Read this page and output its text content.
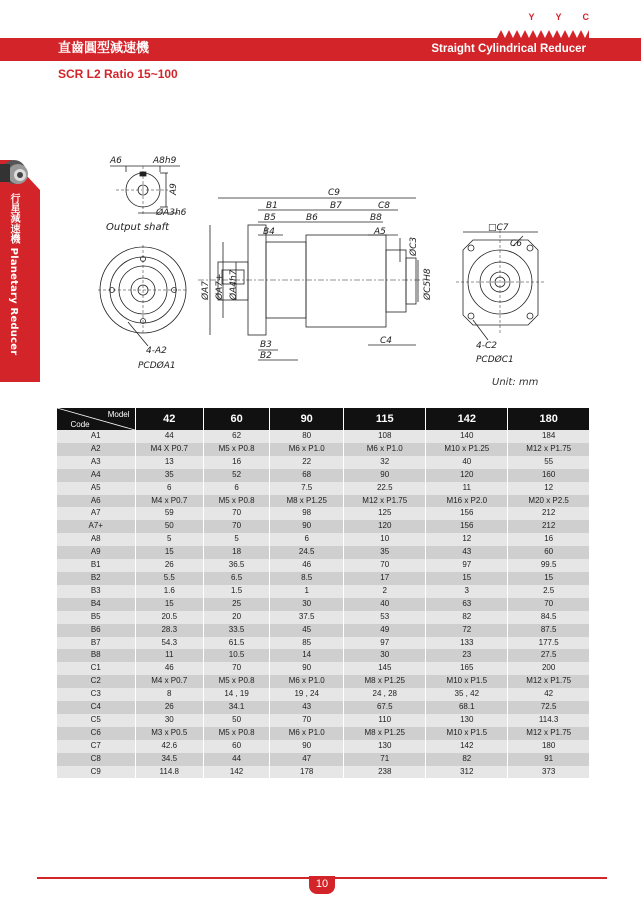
Y Y C
直齒圓型減速機	Straight Cylindrical Reducer
SCR L2 Ratio 15~100
行星減速機 Planetary Reducer
A6	A8h9
A9
ØA3h6
Output shaft
4-A2
PCDØA1
C9
B1	B7	C8
B5	B6	B8
B4	A5
ØC3
ØC5H8
ØA7 ØA7+ ØA4h7
B3
B2
C4
□C7
C6
4-C2
PCDØC1
Unit: mm
Model
Code	42	60	90	115	142	180
A1	44	62	80	108	140	184
A2	M4 X P0.7	M5 x P0.8	M6 x P1.0	M6 x P1.0	M10 x P1.25	M12 x P1.75
A3	13	16	22	32	40	55
A4	35	52	68	90	120	160
A5	6	6	7.5	22.5	11	12
A6	M4 x P0.7	M5 x P0.8	M8 x P1.25	M12 x P1.75	M16 x P2.0	M20 x P2.5
A7	59	70	98	125	156	212
A7+	50	70	90	120	156	212
A8	5	5	6	10	12	16
A9	15	18	24.5	35	43	60
B1	26	36.5	46	70	97	99.5
B2	5.5	6.5	8.5	17	15	15
B3	1.6	1.5	1	2	3	2.5
B4	15	25	30	40	63	70
B5	20.5	20	37.5	53	82	84.5
B6	28.3	33.5	45	49	72	87.5
B7	54.3	61.5	85	97	133	177.5
B8	11	10.5	14	30	23	27.5
C1	46	70	90	145	165	200
C2	M4 x P0.7	M5 x P0.8	M6 x P1.0	M8 x P1.25	M10 x P1.5	M12 x P1.75
C3	8	14 , 19	19 , 24	24 , 28	35 , 42	42
C4	26	34.1	43	67.5	68.1	72.5
C5	30	50	70	110	130	114.3
C6	M3 x P0.5	M5 x P0.8	M6 x P1.0	M8 x P1.25	M10 x P1.5	M12 x P1.75
C7	42.6	60	90	130	142	180
C8	34.5	44	47	71	82	91
C9	114.8	142	178	238	312	373
10
